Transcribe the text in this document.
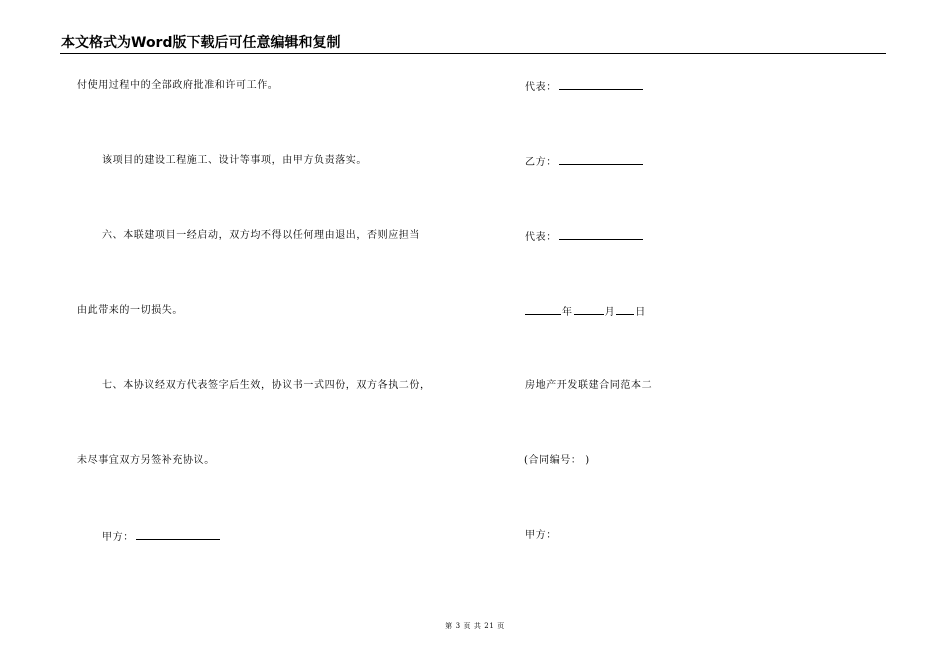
本文格式为Word版下载后可任意编辑和复制
付使用过程中的全部政府批准和许可工作。
该项目的建设工程施工、设计等事项，由甲方负责落实。
六、本联建项目一经启动，双方均不得以任何理由退出，否则应担当
由此带来的一切损失。
七、本协议经双方代表签字后生效，协议书一式四份，双方各执二份，
未尽事宜双方另签补充协议。
甲方：
代表：
乙方：
代表：
年	月 日
房地产开发联建合同范本二
(合同编号： )
甲方：
第 3 页 共 21 页
